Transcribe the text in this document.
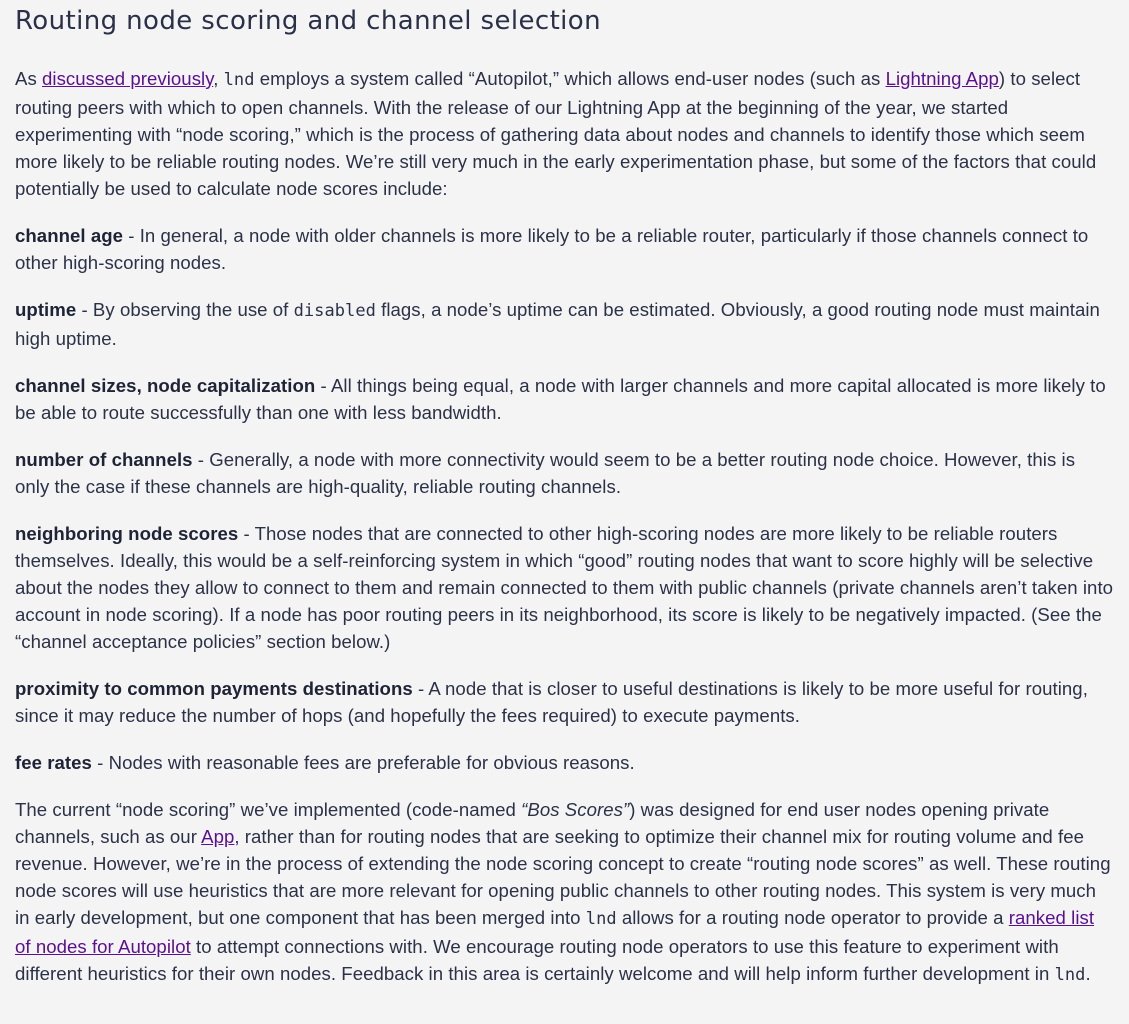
Routing node scoring and channel selection

As discussed previously, lnd employs a system called “Autopilot,” which allows end-user nodes (such as Lightning App) to select routing peers with which to open channels. With the release of our Lightning App at the beginning of the year, we started experimenting with “node scoring,” which is the process of gathering data about nodes and channels to identify those which seem more likely to be reliable routing nodes. We’re still very much in the early experimentation phase, but some of the factors that could potentially be used to calculate node scores include:

channel age - In general, a node with older channels is more likely to be a reliable router, particularly if those channels connect to other high-scoring nodes.

uptime - By observing the use of disabled flags, a node’s uptime can be estimated. Obviously, a good routing node must maintain high uptime.

channel sizes, node capitalization - All things being equal, a node with larger channels and more capital allocated is more likely to be able to route successfully than one with less bandwidth.

number of channels - Generally, a node with more connectivity would seem to be a better routing node choice. However, this is only the case if these channels are high-quality, reliable routing channels.

neighboring node scores - Those nodes that are connected to other high-scoring nodes are more likely to be reliable routers themselves. Ideally, this would be a self-reinforcing system in which “good” routing nodes that want to score highly will be selective about the nodes they allow to connect to them and remain connected to them with public channels (private channels aren’t taken into account in node scoring). If a node has poor routing peers in its neighborhood, its score is likely to be negatively impacted. (See the “channel acceptance policies” section below.)

proximity to common payments destinations - A node that is closer to useful destinations is likely to be more useful for routing, since it may reduce the number of hops (and hopefully the fees required) to execute payments.

fee rates - Nodes with reasonable fees are preferable for obvious reasons.

The current “node scoring” we’ve implemented (code-named “Bos Scores”) was designed for end user nodes opening private channels, such as our App, rather than for routing nodes that are seeking to optimize their channel mix for routing volume and fee revenue. However, we’re in the process of extending the node scoring concept to create “routing node scores” as well. These routing node scores will use heuristics that are more relevant for opening public channels to other routing nodes. This system is very much in early development, but one component that has been merged into lnd allows for a routing node operator to provide a ranked list of nodes for Autopilot to attempt connections with. We encourage routing node operators to use this feature to experiment with different heuristics for their own nodes. Feedback in this area is certainly welcome and will help inform further development in lnd.
